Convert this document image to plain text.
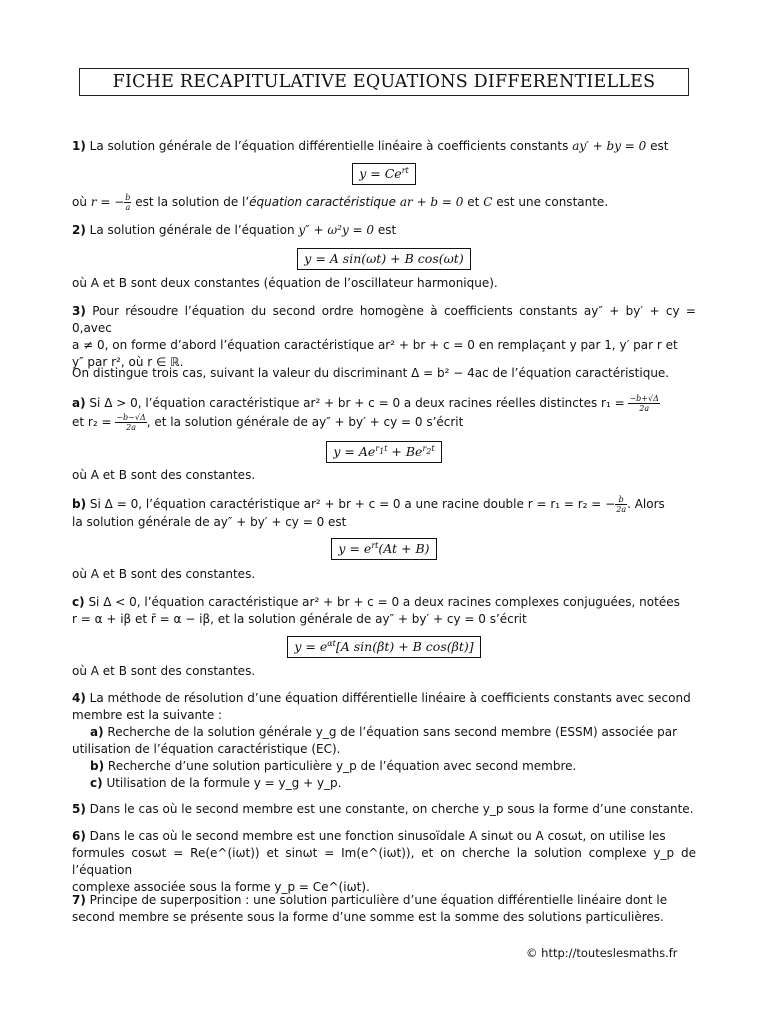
FICHE RECAPITULATIVE EQUATIONS DIFFERENTIELLES
1) La solution générale de l’équation différentielle linéaire à coefficients constants ay′ + by = 0 est
$y = Ce^{rt}$
où r = − $\frac{b}{a}$ est la solution de l’équation caractéristique ar + b = 0 et C est une constante.
2) La solution générale de l’équation y″ + ω²y = 0 est
y = A sin(ωt) + B cos(ωt)
où A et B sont deux constantes (équation de l’oscillateur harmonique).
3) Pour résoudre l’équation du second ordre homogène à coefficients constants ay″ + by′ + cy = 0,avec
a ≠ 0, on forme d’abord l’équation caractéristique ar² + br + c = 0 en remplaçant y par 1, y′ par r et
y″ par r², où r ∈ ℝ.
On distingue trois cas, suivant la valeur du discriminant Δ = b² − 4ac de l’équation caractéristique.
a) Si Δ > 0, l’équation caractéristique ar² + br + c = 0 a deux racines réelles distinctes $r_1 = \frac{-b+√\Delta}{2a}$
et $r_2 = \frac{-b-√\Delta}{2a}$ , et la solution générale de ay″ + by′ + cy = 0 s’écrit
$y = Ae^{r_1t} + Be^{r_2t}$
où A et B sont des constantes.
b) Si Δ = 0, l’équation caractéristique ar² + br + c = 0 a une racine double r = r₁ = r₂ = − $\frac{b}{2a}$ . Alors
la solution générale de ay″ + by′ + cy = 0 est
$y = e^{rt}(At + B)$
où A et B sont des constantes.
c) Si Δ < 0, l’équation caractéristique ar² + br + c = 0 a deux racines complexes conjuguées, notées
r = α + iβ et r̄ = α − iβ, et la solution générale de ay″ + by′ + cy = 0 s’écrit
$y = e^{\alpha t}[A$ sin(βt) + B cos(βt)]
où A et B sont des constantes.
4) La méthode de résolution d’une équation différentielle linéaire à coefficients constants avec second
membre est la suivante :
a) Recherche de la solution générale y_g de l’équation sans second membre (ESSM) associée par
utilisation de l’équation caractéristique (EC).
b) Recherche d’une solution particulière y_p de l’équation avec second membre.
c) Utilisation de la formule y = y_g + y_p.
5) Dans le cas où le second membre est une constante, on cherche y_p sous la forme d’une constante.
6) Dans le cas où le second membre est une fonction sinusoïdale A sinωt ou A cosωt, on utilise les
formules cosωt = Re(e^(iωt)) et sinωt = Im(e^(iωt)), et on cherche la solution complexe y_p de l’équation
complexe associée sous la forme y_p = Ce^(iωt).
7) Principe de superposition : une solution particulière d’une équation différentielle linéaire dont le
second membre se présente sous la forme d’une somme est la somme des solutions particulières.
© http://touteslesmaths.fr
